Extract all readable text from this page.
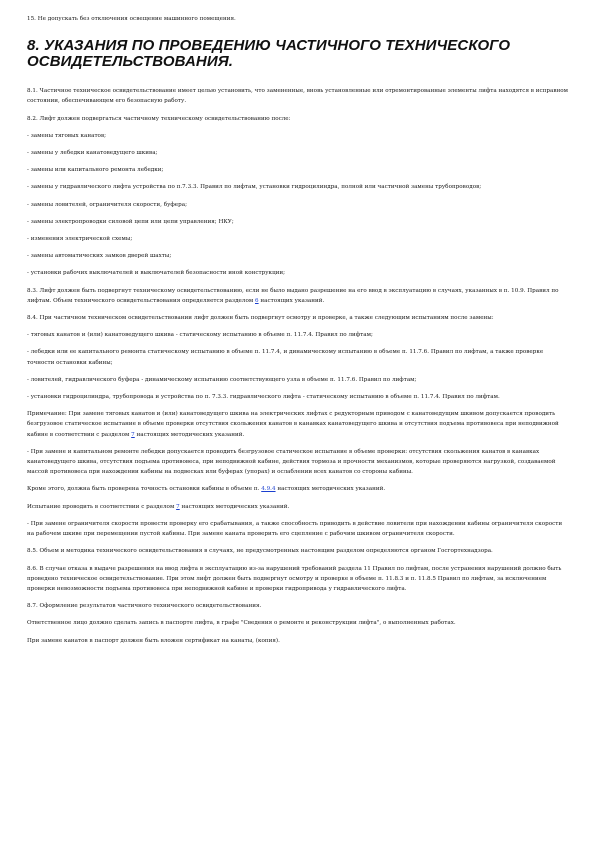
15. Не допускать без отключения освещение машинного помещения.

8. УКАЗАНИЯ ПО ПРОВЕДЕНИЮ ЧАСТИЧНОГО ТЕХНИЧЕСКОГО ОСВИДЕТЕЛЬСТВОВАНИЯ.

8.1. Частичное техническое освидетельствование имеет целью установить, что замененные, вновь установленные или отремонтированные элементы лифта находятся в исправном состоянии, обеспечивающем его безопасную работу.

8.2. Лифт должен подвергаться частичному техническому освидетельствованию после:

- замены тяговых канатов;

- замены у лебедки канатоведущего шкива;

- замены или капитального ремонта лебедки;

- замены у гидравлического лифта устройства по п.7.3.3. Правил по лифтам, установки гидроцилиндра, полной или частичной замены трубопроводов;

- замены ловителей, ограничителя скорости, буфера;

- замены электропроводки силовой цепи или цепи управления; НКУ;

- изменения электрической схемы;

- замены автоматических замков дверей шахты;

- установки рабочих выключателей и выключателей безопасности иной конструкции;

8.3. Лифт должен быть подвергнут техническому освидетельствованию, если не было выдано разрешение на его ввод в эксплуатацию в случаях, указанных в п. 10.9. Правил по лифтам. Объем технического освидетельствования определяется разделом 6 настоящих указаний.

8.4. При частичном техническом освидетельствовании лифт должен быть подвергнут осмотру и проверке, а также следующим испытаниям после замены:

- тяговых канатов и (или) канатоведущего шкива - статическому испытанию в объеме п. 11.7.4. Правил по лифтам;

- лебедки или ее капитального ремонта статическому испытанию в объеме п. 11.7.4, и динамическому испытанию в объеме п. 11.7.6. Правил по лифтам, а также проверке точности остановки кабины;

- ловителей, гидравлического буфера - динамическому испытанию соответствующего узла в объеме п. 11.7.6. Правил по лифтам;

- установки гидроцилиндра, трубопровода и устройства по п. 7.3.3. гидравлического лифта - статическому испытанию в объеме п. 11.7.4. Правил по лифтам.

Примечание: При замене тяговых канатов и (или) канатоведущего шкива на электрических лифтах с редукторным приводом с канатоведущим шкивом допускается проводить безгрузовое статическое испытание в объеме проверки отсутствия скольжения канатов в канавках канатоведущего шкива и отсутствия подъема противовеса при неподвижной кабине в соответствии с разделом 7 настоящих методических указаний.

- При замене и капитальном ремонте лебедки допускается проводить безгрузовое статическое испытание в объеме проверки: отсутствия скольжения канатов в канавках канатоведущего шкива, отсутствия подъема противовеса, при неподвижной кабине, действия тормоза и прочности механизмов, которые проверяются нагрузкой, создаваемой массой противовеса при нахождении кабины на подвесках или буферах (упорах) и ослаблении всех канатов со стороны кабины.

Кроме этого, должна быть проверена точность остановки кабины в объеме п. 4.9.4 настоящих методических указаний.

Испытание проводить в соответствии с разделом 7 настоящих методических указаний.

- При замене ограничителя скорости провести проверку его срабатывания, а также способность приводить в действие ловители при нахождении кабины ограничителя скорости на рабочем шкиве при перемещении пустой кабины. При замене каната проверить его сцепление с рабочим шкивом ограничителя скорости.

8.5. Объем и методика технического освидетельствования в случаях, не предусмотренных настоящим разделом определяются органом Госгортехнадзора.

8.6. В случае отказа в выдаче разрешения на ввод лифта в эксплуатацию из-за нарушений требований раздела 11 Правил по лифтам, после устранения нарушений должно быть проведено техническое освидетельствование. При этом лифт должен быть подвергнут осмотру и проверке в объеме п. 11.8.3 и п. 11.8.5 Правил по лифтам, за исключением проверки невозможности подъема противовеса при неподвижной кабине и проверки гидропривода у гидравлического лифта.

8.7. Оформление результатов частичного технического освидетельствования.

Ответственное лицо должно сделать запись в паспорте лифта, в графе "Сведения о ремонте и реконструкции лифта", о выполненных работах.

При замене канатов в паспорт должен быть вложен сертификат на канаты, (копия).
